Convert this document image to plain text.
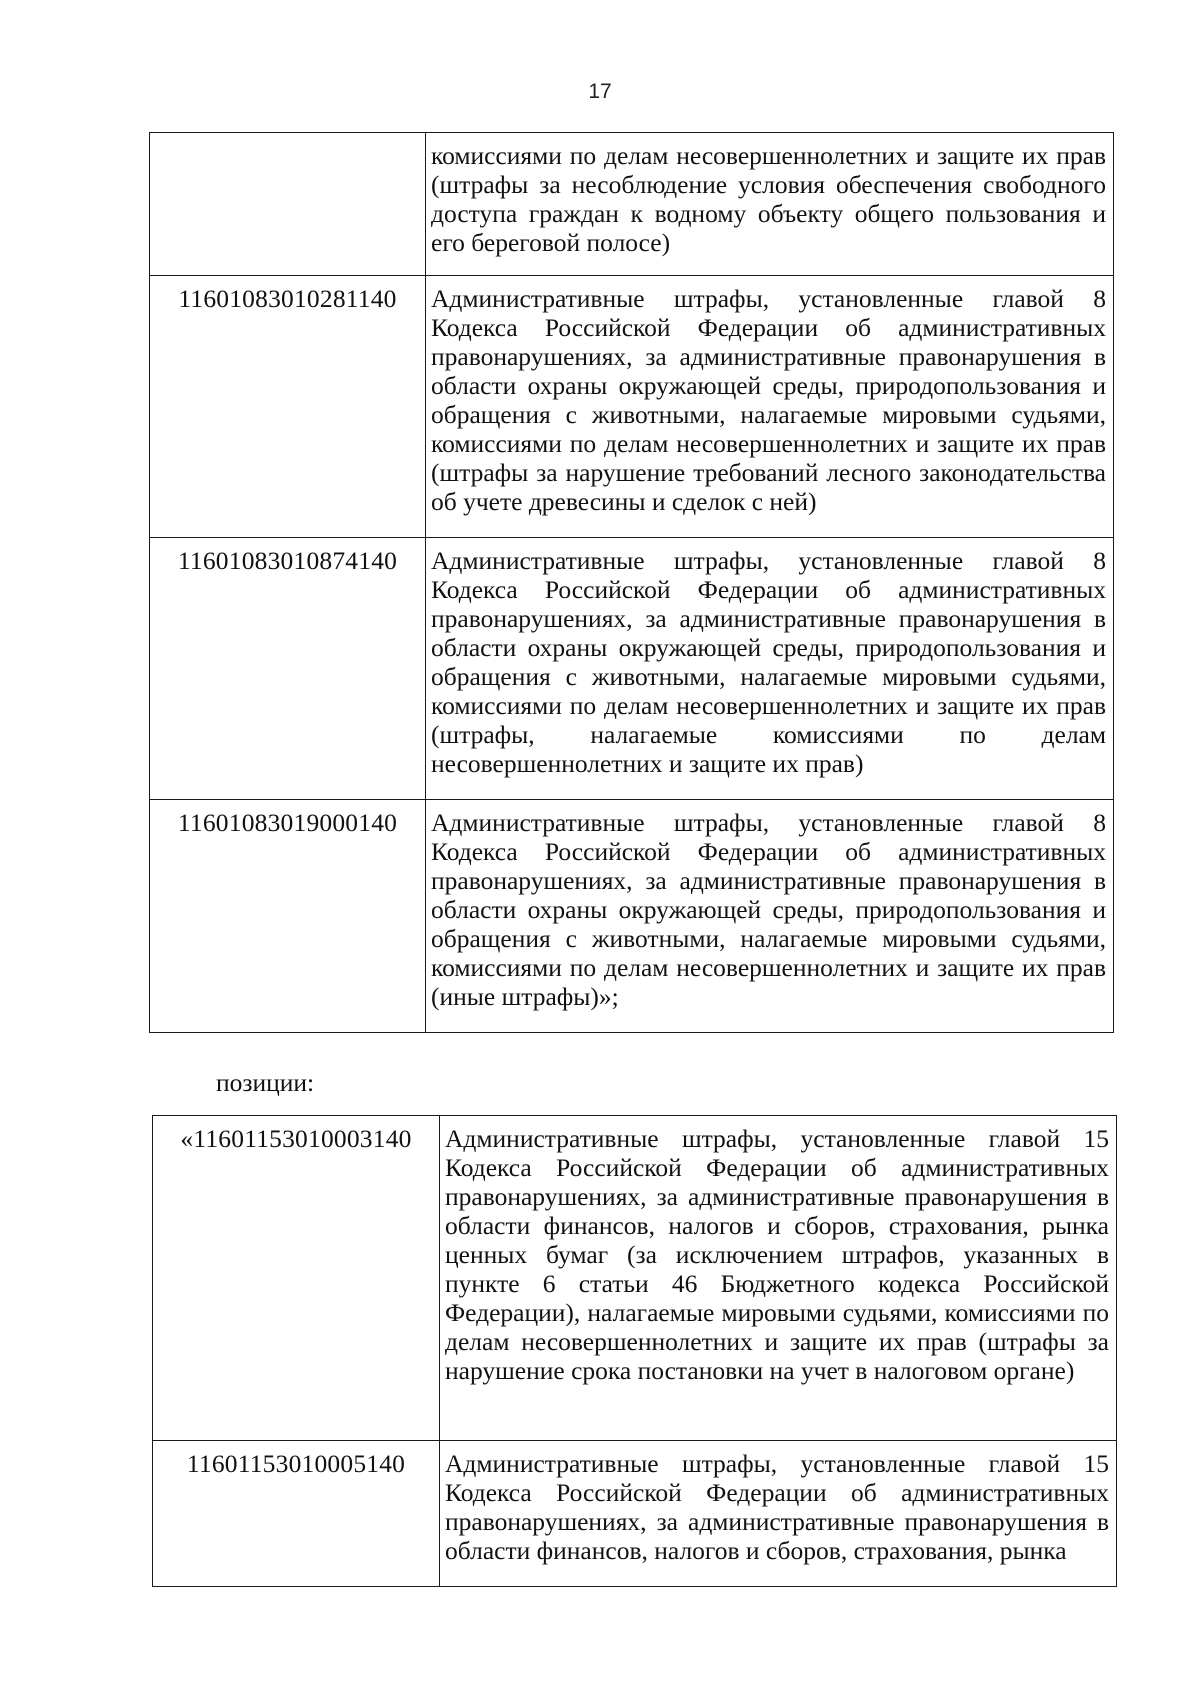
17

	комиссиями по делам несовершеннолетних и защите их прав (штрафы за несоблюдение условия обеспечения свободного доступа граждан к водному объекту общего пользования и его береговой полосе)

11601083010281140	Административные штрафы, установленные главой 8 Кодекса Российской Федерации об административных правонарушениях, за административные правонарушения в области охраны окружающей среды, природопользования и обращения с животными, налагаемые мировыми судьями, комиссиями по делам несовершеннолетних и защите их прав (штрафы за нарушение требований лесного законодательства об учете древесины и сделок с ней)

11601083010874140	Административные штрафы, установленные главой 8 Кодекса Российской Федерации об административных правонарушениях, за административные правонарушения в области охраны окружающей среды, природопользования и обращения с животными, налагаемые мировыми судьями, комиссиями по делам несовершеннолетних и защите их прав (штрафы, налагаемые комиссиями по делам несовершеннолетних и защите их прав)

11601083019000140	Административные штрафы, установленные главой 8 Кодекса Российской Федерации об административных правонарушениях, за административные правонарушения в области охраны окружающей среды, природопользования и обращения с животными, налагаемые мировыми судьями, комиссиями по делам несовершеннолетних и защите их прав (иные штрафы)»;
позиции:
«11601153010003140	Административные штрафы, установленные главой 15 Кодекса Российской Федерации об административных правонарушениях, за административные правонарушения в области финансов, налогов и сборов, страхования, рынка ценных бумаг (за исключением штрафов, указанных в пункте 6 статьи 46 Бюджетного кодекса Российской Федерации), налагаемые мировыми судьями, комиссиями по делам несовершеннолетних и защите их прав (штрафы за нарушение срока постановки на учет в налоговом органе)

11601153010005140	Административные штрафы, установленные главой 15 Кодекса Российской Федерации об административных правонарушениях, за административные правонарушения в области финансов, налогов и сборов, страхования, рынка
